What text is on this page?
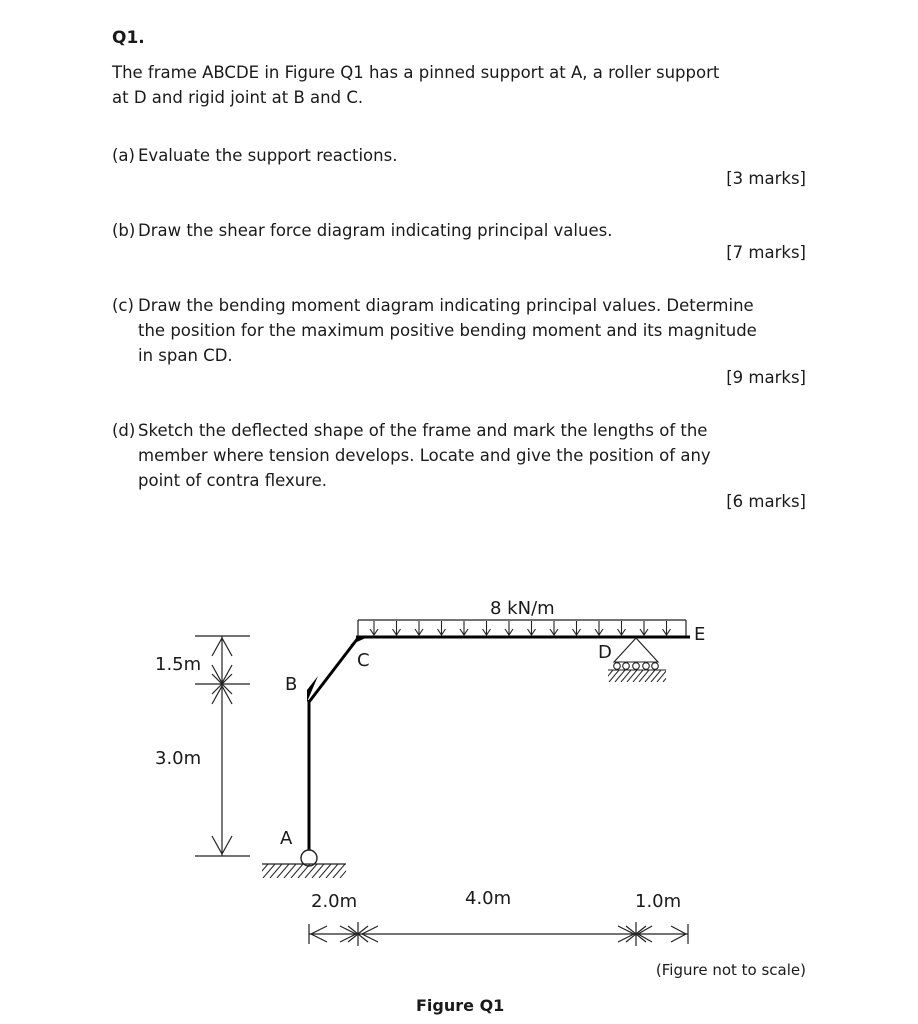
Q1.
The frame ABCDE in Figure Q1 has a pinned support at A, a roller support
at D and rigid joint at B and C.
(a) Evaluate the support reactions.
[3 marks]
(b) Draw the shear force diagram indicating principal values.
[7 marks]
(c) Draw the bending moment diagram indicating principal values. Determine
the position for the maximum positive bending moment and its magnitude
in span CD.
[9 marks]
(d) Sketch the deflected shape of the frame and mark the lengths of the
member where tension develops. Locate and give the position of any
point of contra flexure.
[6 marks]
8 kN/m
E
D
C
B
A
1.5m
3.0m
2.0m	4.0m	1.0m
(Figure not to scale)
Figure Q1
